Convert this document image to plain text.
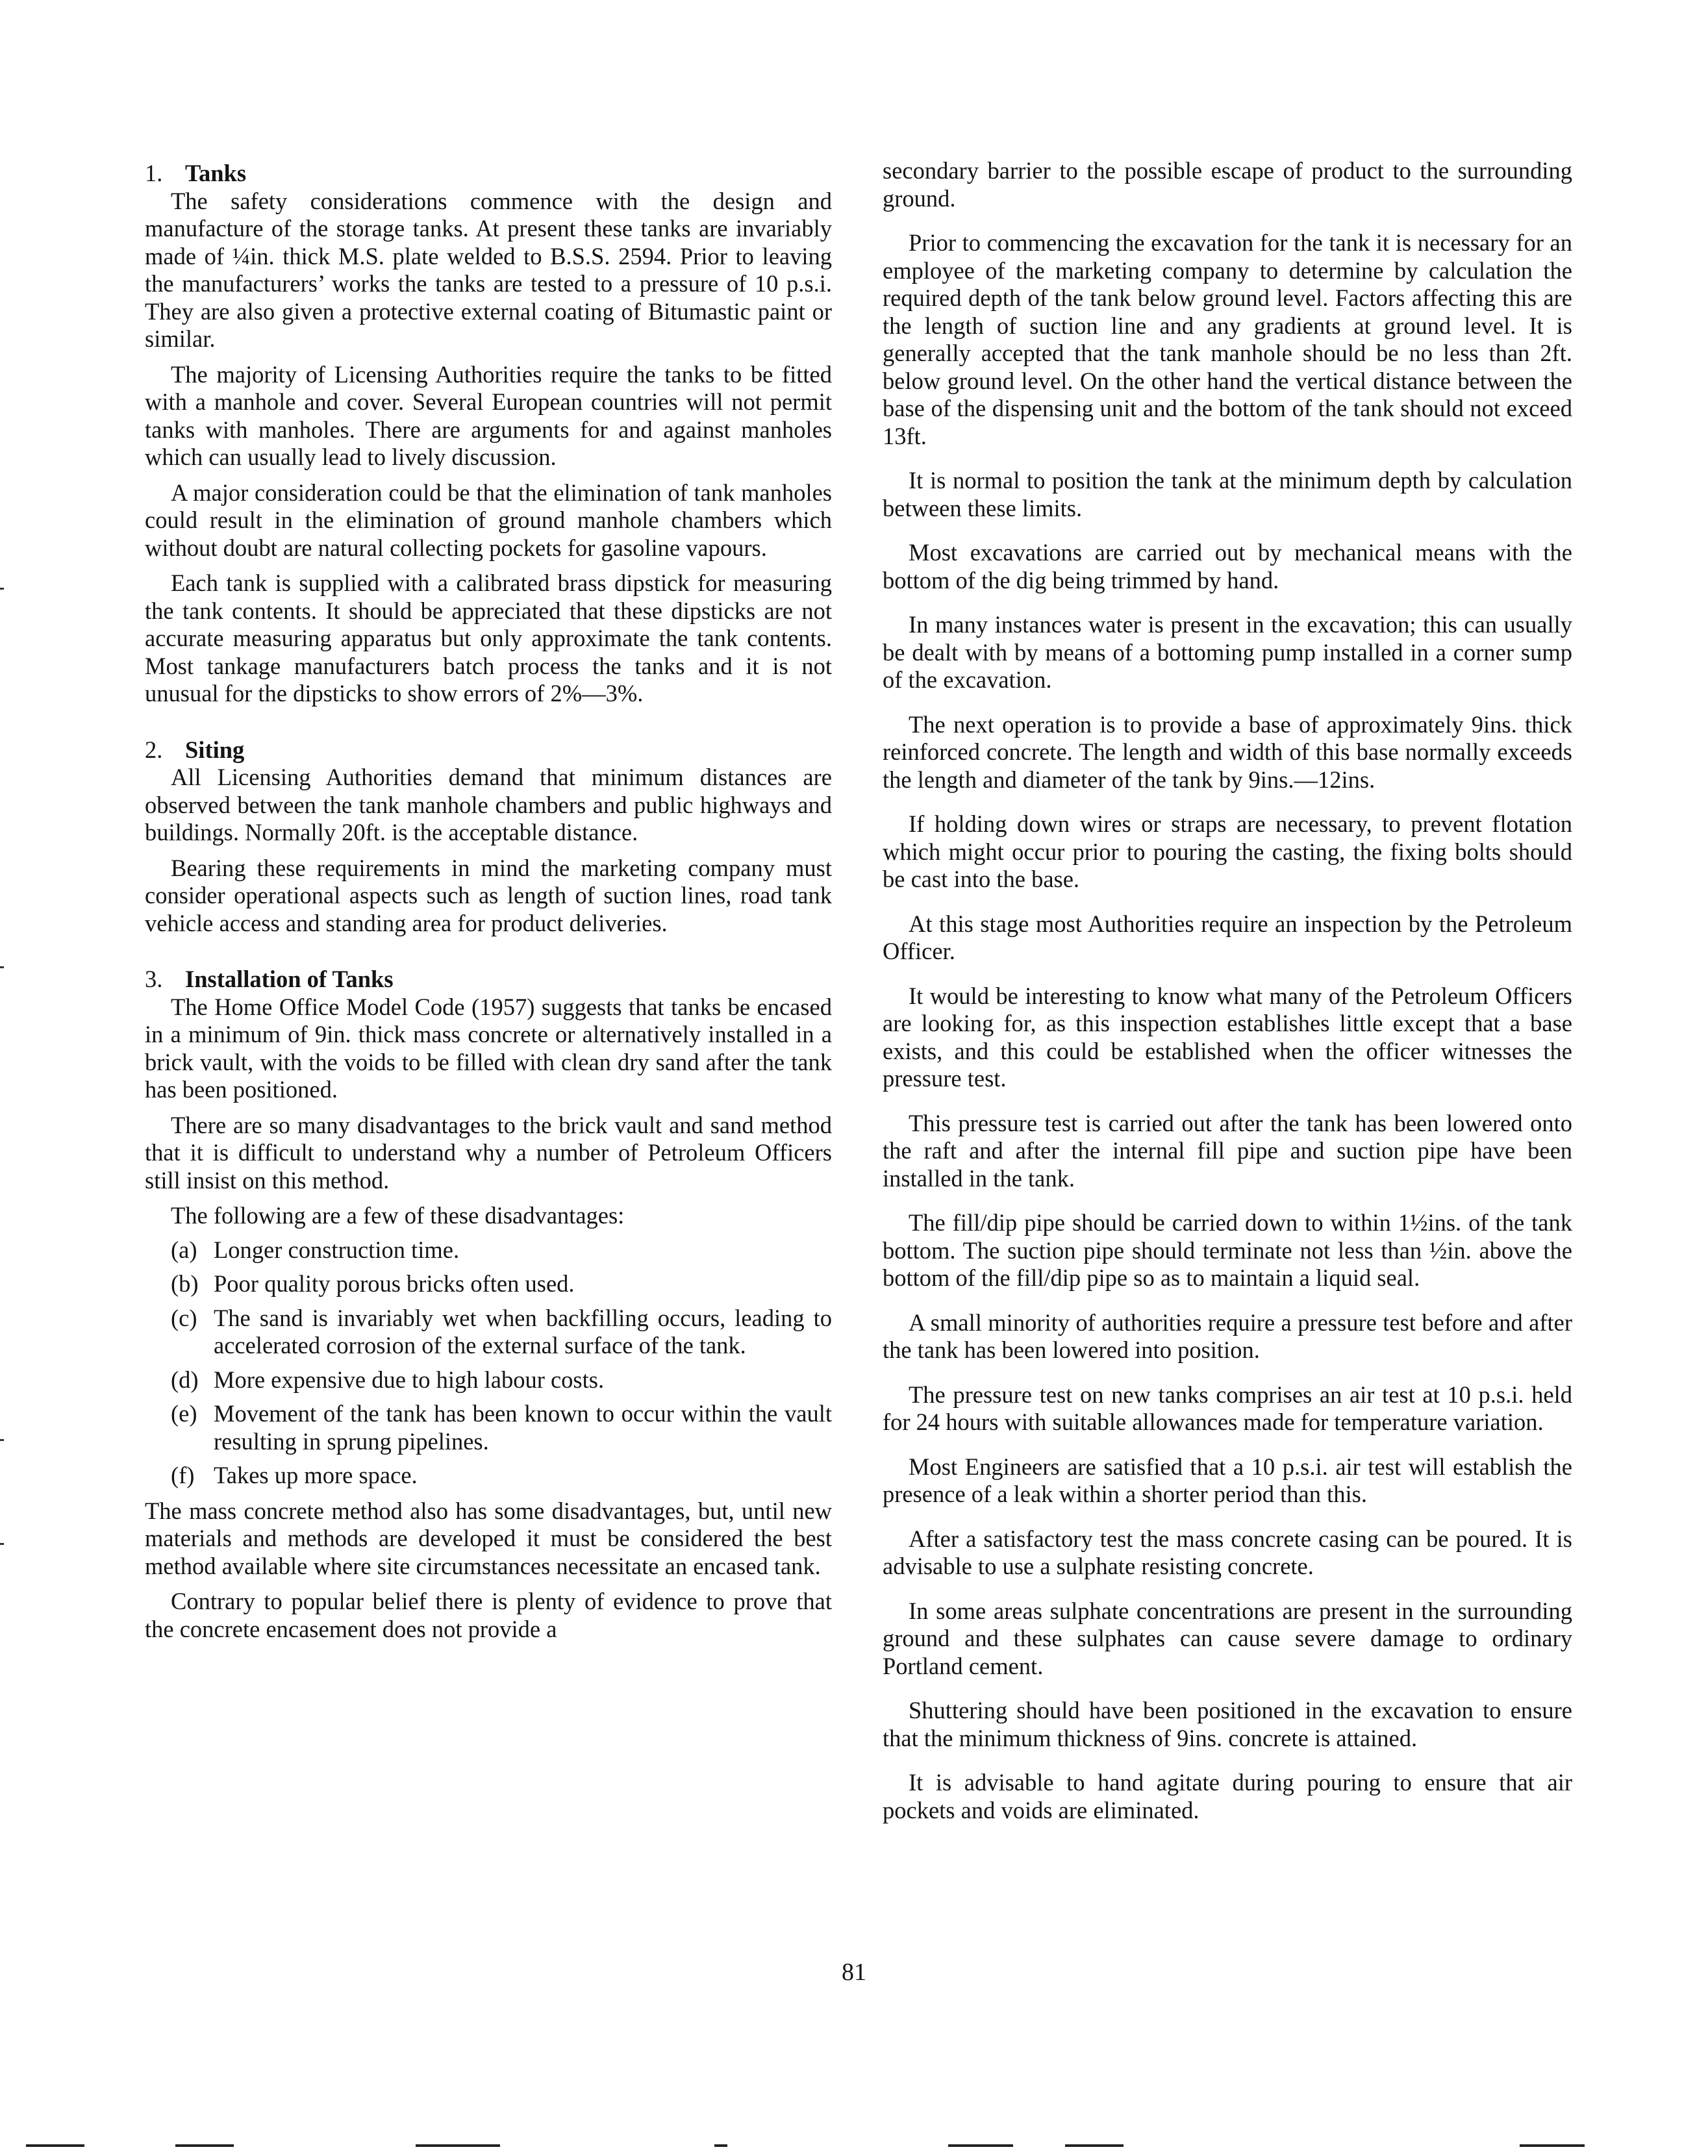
1. Tanks

The safety considerations commence with the design and manufacture of the storage tanks. At present these tanks are invariably made of ¼in. thick M.S. plate welded to B.S.S. 2594. Prior to leaving the manufacturers’ works the tanks are tested to a pressure of 10 p.s.i. They are also given a protective external coating of Bitumastic paint or similar.

The majority of Licensing Authorities require the tanks to be fitted with a manhole and cover. Several European countries will not permit tanks with manholes. There are arguments for and against manholes which can usually lead to lively discussion.

A major consideration could be that the elimination of tank manholes could result in the elimination of ground manhole chambers which without doubt are natural collecting pockets for gasoline vapours.

Each tank is supplied with a calibrated brass dipstick for measuring the tank contents. It should be appreciated that these dipsticks are not accurate measuring apparatus but only approximate the tank contents. Most tankage manufacturers batch process the tanks and it is not unusual for the dipsticks to show errors of 2%—3%.

2. Siting

All Licensing Authorities demand that minimum distances are observed between the tank manhole chambers and public highways and buildings. Normally 20ft. is the acceptable distance.

Bearing these requirements in mind the marketing company must consider operational aspects such as length of suction lines, road tank vehicle access and standing area for product deliveries.

3. Installation of Tanks

The Home Office Model Code (1957) suggests that tanks be encased in a minimum of 9in. thick mass concrete or alternatively installed in a brick vault, with the voids to be filled with clean dry sand after the tank has been positioned.

There are so many disadvantages to the brick vault and sand method that it is difficult to understand why a number of Petroleum Officers still insist on this method.

The following are a few of these disadvantages:

(a) Longer construction time.

(b) Poor quality porous bricks often used.

(c) The sand is invariably wet when backfilling occurs, leading to accelerated corrosion of the external surface of the tank.

(d) More expensive due to high labour costs.

(e) Movement of the tank has been known to occur within the vault resulting in sprung pipelines.

(f) Takes up more space.

The mass concrete method also has some disadvantages, but, until new materials and methods are developed it must be considered the best method available where site circumstances necessitate an encased tank.

Contrary to popular belief there is plenty of evidence to prove that the concrete encasement does not provide a

secondary barrier to the possible escape of product to the surrounding ground.

Prior to commencing the excavation for the tank it is necessary for an employee of the marketing company to determine by calculation the required depth of the tank below ground level. Factors affecting this are the length of suction line and any gradients at ground level. It is generally accepted that the tank manhole should be no less than 2ft. below ground level. On the other hand the vertical distance between the base of the dispensing unit and the bottom of the tank should not exceed 13ft.

It is normal to position the tank at the minimum depth by calculation between these limits.

Most excavations are carried out by mechanical means with the bottom of the dig being trimmed by hand.

In many instances water is present in the excavation; this can usually be dealt with by means of a bottoming pump installed in a corner sump of the excavation.

The next operation is to provide a base of approximately 9ins. thick reinforced concrete. The length and width of this base normally exceeds the length and diameter of the tank by 9ins.—12ins.

If holding down wires or straps are necessary, to prevent flotation which might occur prior to pouring the casting, the fixing bolts should be cast into the base.

At this stage most Authorities require an inspection by the Petroleum Officer.

It would be interesting to know what many of the Petroleum Officers are looking for, as this inspection establishes little except that a base exists, and this could be established when the officer witnesses the pressure test.

This pressure test is carried out after the tank has been lowered onto the raft and after the internal fill pipe and suction pipe have been installed in the tank.

The fill/dip pipe should be carried down to within 1½ins. of the tank bottom. The suction pipe should terminate not less than ½in. above the bottom of the fill/dip pipe so as to maintain a liquid seal.

A small minority of authorities require a pressure test before and after the tank has been lowered into position.

The pressure test on new tanks comprises an air test at 10 p.s.i. held for 24 hours with suitable allowances made for temperature variation.

Most Engineers are satisfied that a 10 p.s.i. air test will establish the presence of a leak within a shorter period than this.

After a satisfactory test the mass concrete casing can be poured. It is advisable to use a sulphate resisting concrete.

In some areas sulphate concentrations are present in the surrounding ground and these sulphates can cause severe damage to ordinary Portland cement.

Shuttering should have been positioned in the excavation to ensure that the minimum thickness of 9ins. concrete is attained.

It is advisable to hand agitate during pouring to ensure that air pockets and voids are eliminated.

81
